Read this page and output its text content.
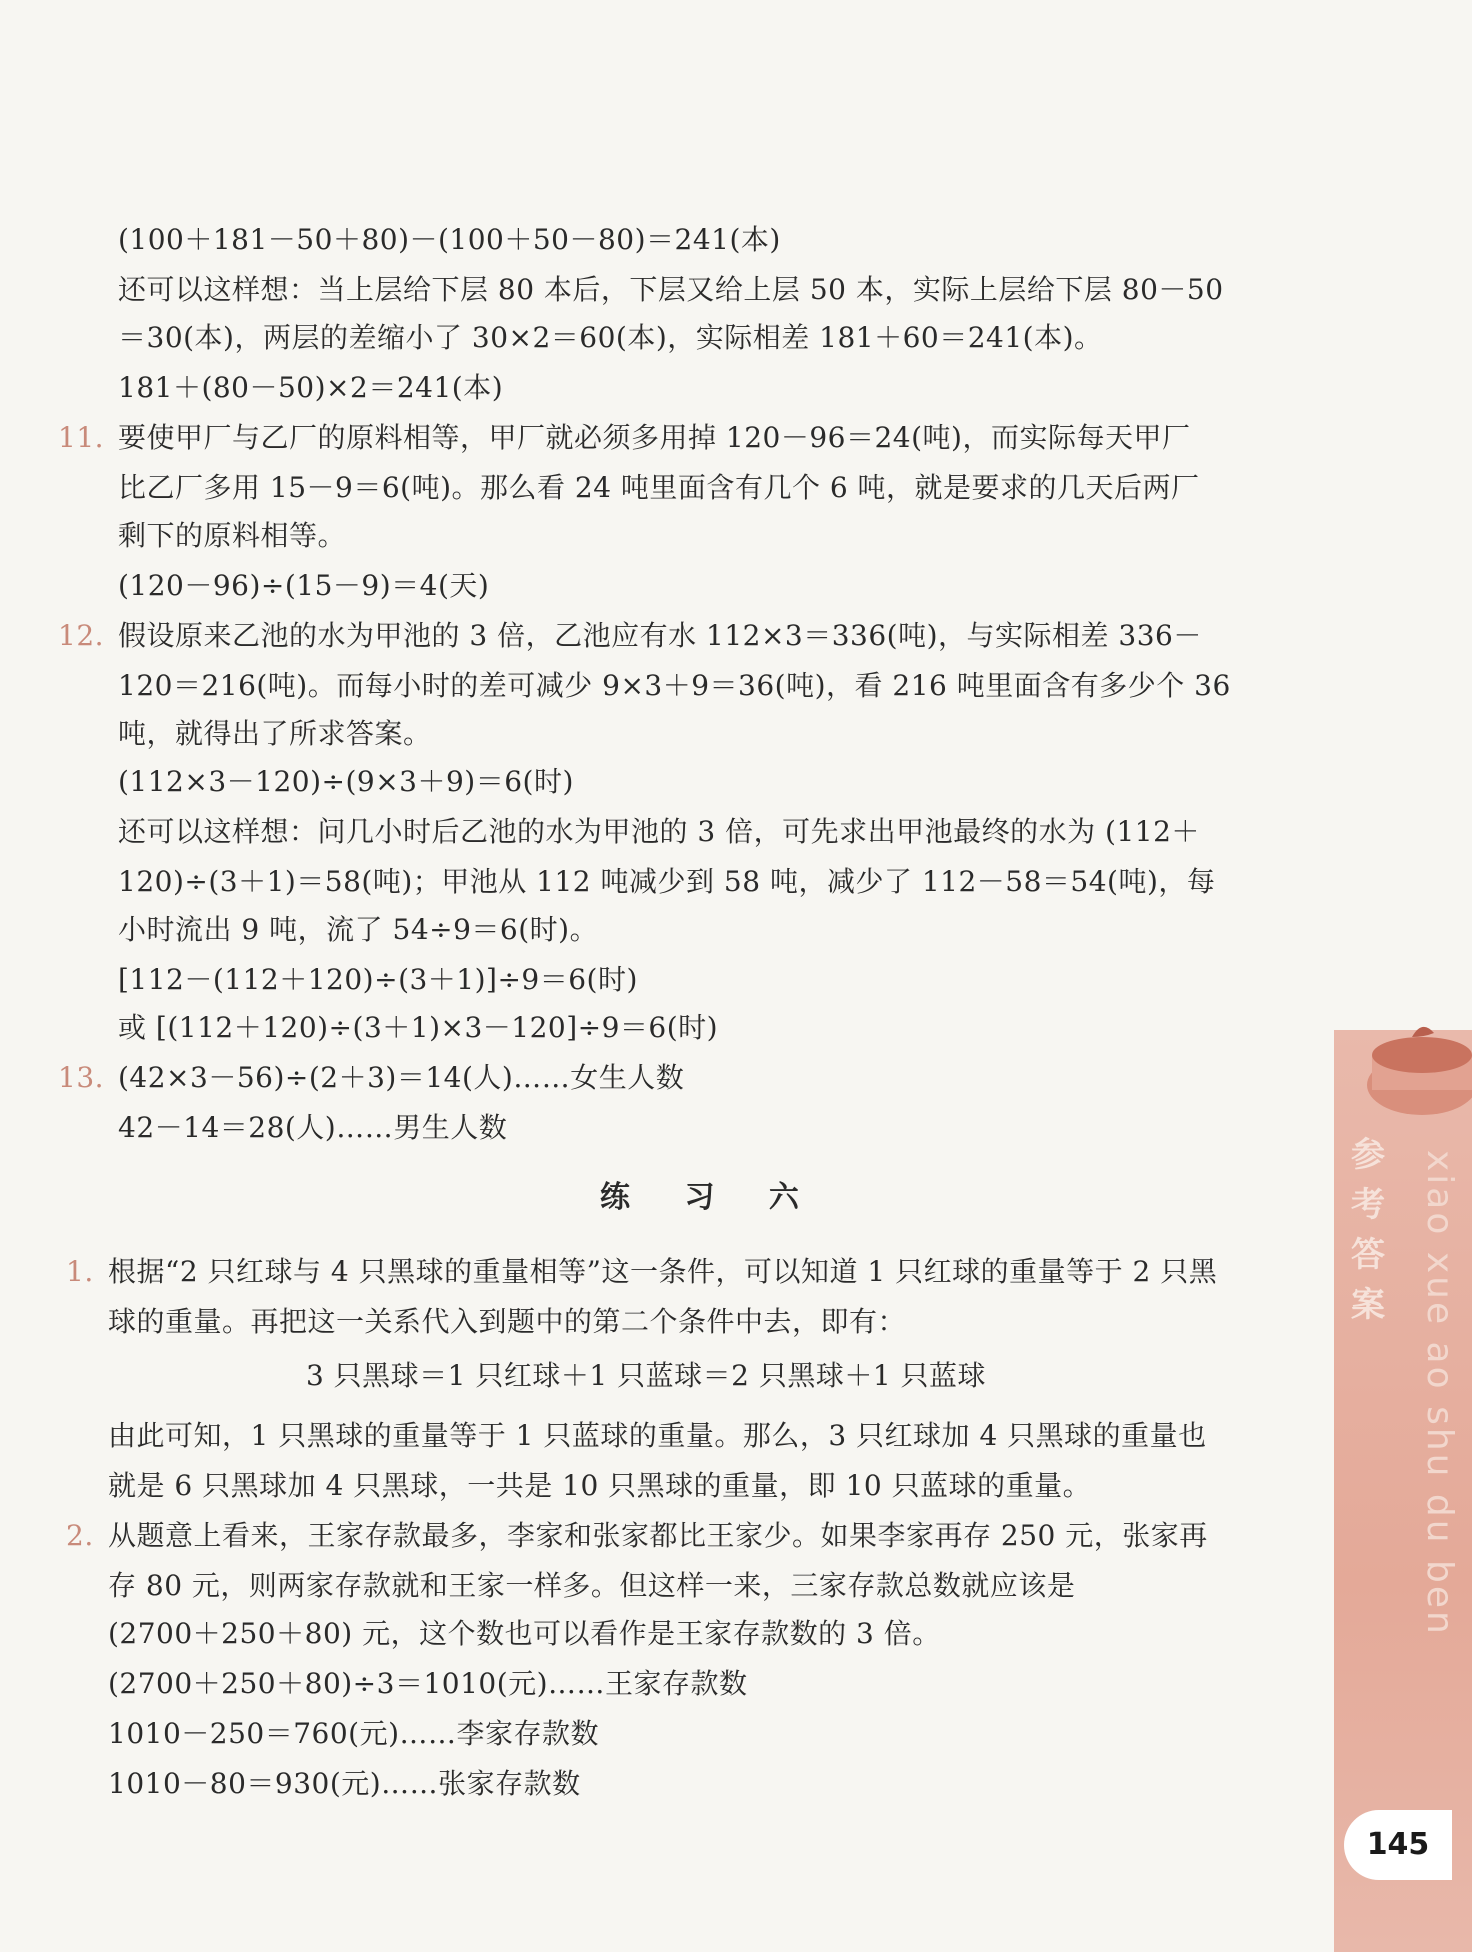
(100＋181－50＋80)－(100＋50－80)＝241(本)
还可以这样想：当上层给下层 80 本后，下层又给上层 50 本，实际上层给下层 80－50
＝30(本)，两层的差缩小了 30×2＝60(本)，实际相差 181＋60＝241(本)。
181＋(80－50)×2＝241(本)
11. 要使甲厂与乙厂的原料相等，甲厂就必须多用掉 120－96＝24(吨)，而实际每天甲厂
比乙厂多用 15－9＝6(吨)。那么看 24 吨里面含有几个 6 吨，就是要求的几天后两厂
剩下的原料相等。
(120－96)÷(15－9)＝4(天)
12. 假设原来乙池的水为甲池的 3 倍，乙池应有水 112×3＝336(吨)，与实际相差 336－
120＝216(吨)。而每小时的差可减少 9×3＋9＝36(吨)，看 216 吨里面含有多少个 36
吨，就得出了所求答案。
(112×3－120)÷(9×3＋9)＝6(时)
还可以这样想：问几小时后乙池的水为甲池的 3 倍，可先求出甲池最终的水为 (112＋
120)÷(3＋1)＝58(吨)；甲池从 112 吨减少到 58 吨，减少了 112－58＝54(吨)，每
小时流出 9 吨，流了 54÷9＝6(时)。
[112－(112＋120)÷(3＋1)]÷9＝6(时)
或 [(112＋120)÷(3＋1)×3－120]÷9＝6(时)
13. (42×3－56)÷(2＋3)＝14(人)……女生人数
42－14＝28(人)……男生人数
练 习 六
1. 根据“2 只红球与 4 只黑球的重量相等”这一条件，可以知道 1 只红球的重量等于 2 只黑
球的重量。再把这一关系代入到题中的第二个条件中去，即有：
3 只黑球＝1 只红球＋1 只蓝球＝2 只黑球＋1 只蓝球
由此可知，1 只黑球的重量等于 1 只蓝球的重量。那么，3 只红球加 4 只黑球的重量也
就是 6 只黑球加 4 只黑球，一共是 10 只黑球的重量，即 10 只蓝球的重量。
2. 从题意上看来，王家存款最多，李家和张家都比王家少。如果李家再存 250 元，张家再
存 80 元，则两家存款就和王家一样多。但这样一来，三家存款总数就应该是
(2700＋250＋80) 元，这个数也可以看作是王家存款数的 3 倍。
(2700＋250＋80)÷3＝1010(元)……王家存款数
1010－250＝760(元)……李家存款数
1010－80＝930(元)……张家存款数
参考答案
145
